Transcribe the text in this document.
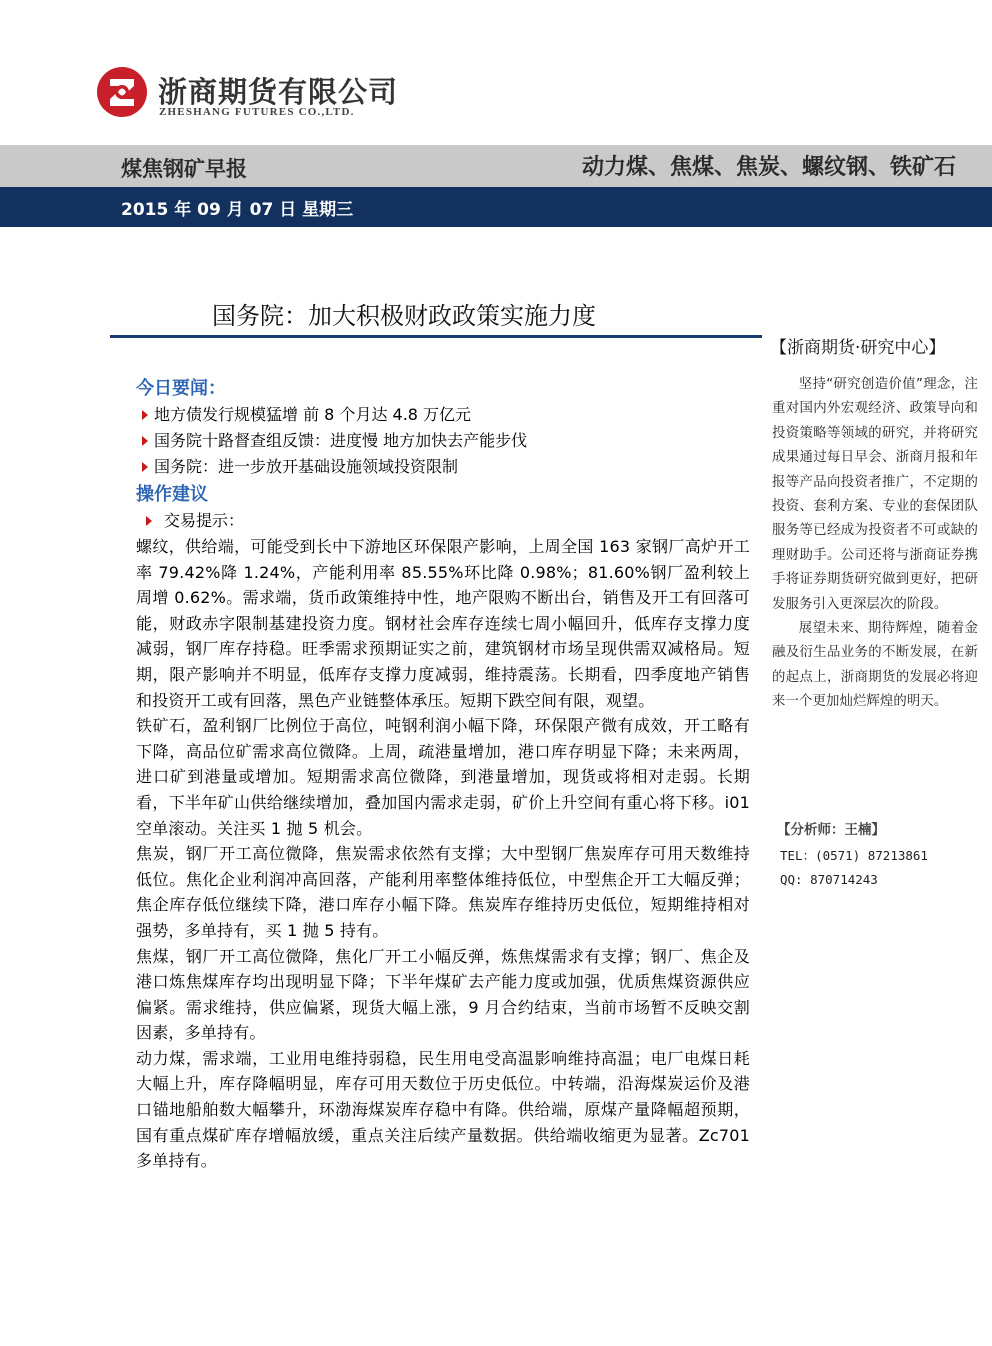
浙商期货有限公司
ZHESHANG FUTURES CO.,LTD.
煤焦钢矿早报	动力煤、焦煤、焦炭、螺纹钢、铁矿石
2015 年 09 月 07 日 星期三
国务院：加大积极财政政策实施力度
今日要闻：
地方债发行规模猛增 前 8 个月达 4.8 万亿元
国务院十路督查组反馈：进度慢 地方加快去产能步伐
国务院：进一步放开基础设施领域投资限制
操作建议
交易提示：

螺纹，供给端，可能受到长中下游地区环保限产影响，上周全国 163 家钢厂高炉开工率 79.42%降 1.24%，产能利用率 85.55%环比降 0.98%；81.60%钢厂盈利较上周增 0.62%。需求端，货币政策维持中性，地产限购不断出台，销售及开工有回落可能，财政赤字限制基建投资力度。钢材社会库存连续七周小幅回升，低库存支撑力度减弱，钢厂库存持稳。旺季需求预期证实之前，建筑钢材市场呈现供需双减格局。短期，限产影响并不明显，低库存支撑力度减弱，维持震荡。长期看，四季度地产销售和投资开工或有回落，黑色产业链整体承压。短期下跌空间有限，观望。

铁矿石，盈利钢厂比例位于高位，吨钢利润小幅下降，环保限产微有成效，开工略有下降，高品位矿需求高位微降。上周，疏港量增加，港口库存明显下降；未来两周，进口矿到港量或增加。短期需求高位微降，到港量增加，现货或将相对走弱。长期看，下半年矿山供给继续增加，叠加国内需求走弱，矿价上升空间有重心将下移。i01 空单滚动。关注买 1 抛 5 机会。

焦炭，钢厂开工高位微降，焦炭需求依然有支撑；大中型钢厂焦炭库存可用天数维持低位。焦化企业利润冲高回落，产能利用率整体维持低位，中型焦企开工大幅反弹；焦企库存低位继续下降，港口库存小幅下降。焦炭库存维持历史低位，短期维持相对强势，多单持有，买 1 抛 5 持有。

焦煤，钢厂开工高位微降，焦化厂开工小幅反弹，炼焦煤需求有支撑；钢厂、焦企及港口炼焦煤库存均出现明显下降；下半年煤矿去产能力度或加强，优质焦煤资源供应偏紧。需求维持，供应偏紧，现货大幅上涨，9 月合约结束，当前市场暂不反映交割因素，多单持有。

动力煤，需求端，工业用电维持弱稳，民生用电受高温影响维持高温；电厂电煤日耗大幅上升，库存降幅明显，库存可用天数位于历史低位。中转端，沿海煤炭运价及港口锚地船舶数大幅攀升，环渤海煤炭库存稳中有降。供给端，原煤产量降幅超预期，国有重点煤矿库存增幅放缓，重点关注后续产量数据。供给端收缩更为显著。Zc701 多单持有。

【浙商期货·研究中心】

坚持“研究创造价值”理念，注重对国内外宏观经济、政策导向和投资策略等领域的研究，并将研究成果通过每日早会、浙商月报和年报等产品向投资者推广，不定期的投资、套利方案、专业的套保团队服务等已经成为投资者不可或缺的理财助手。公司还将与浙商证券携手将证券期货研究做到更好，把研发服务引入更深层次的阶段。

展望未来、期待辉煌，随着金融及衍生品业务的不断发展，在新的起点上，浙商期货的发展必将迎来一个更加灿烂辉煌的明天。

【分析师：王楠】
TEL：(0571) 87213861
QQ: 870714243
